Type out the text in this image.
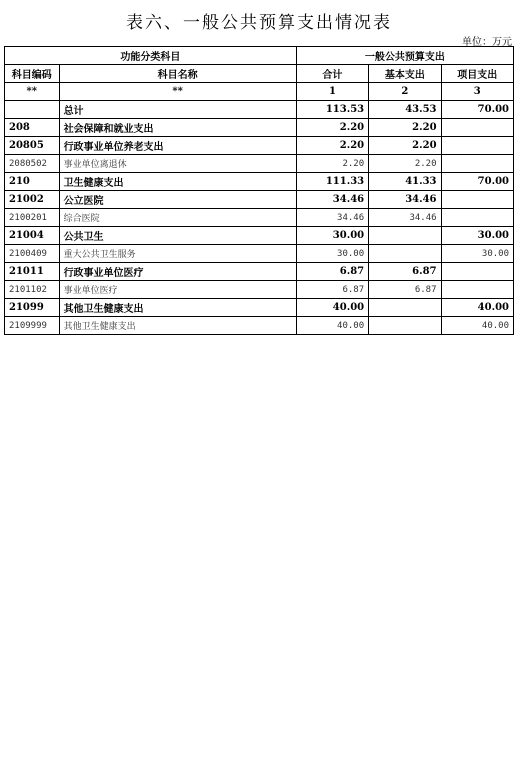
表六、一般公共预算支出情况表
单位：万元
功能分类科目		一般公共预算支出		
科目编码	科目名称	合计	基本支出	项目支出
**	**	1	2	3
	总计	113.53	43.53	70.00
208	社会保障和就业支出	2.20	2.20	
20805	行政事业单位养老支出	2.20	2.20	
2080502	事业单位离退休	2.20	2.20	
210	卫生健康支出	111.33	41.33	70.00
21002	公立医院	34.46	34.46	
2100201	综合医院	34.46	34.46	
21004	公共卫生	30.00		30.00
2100409	重大公共卫生服务	30.00		30.00
21011	行政事业单位医疗	6.87	6.87	
2101102	事业单位医疗	6.87	6.87	
21099	其他卫生健康支出	40.00		40.00
2109999	其他卫生健康支出	40.00		40.00
